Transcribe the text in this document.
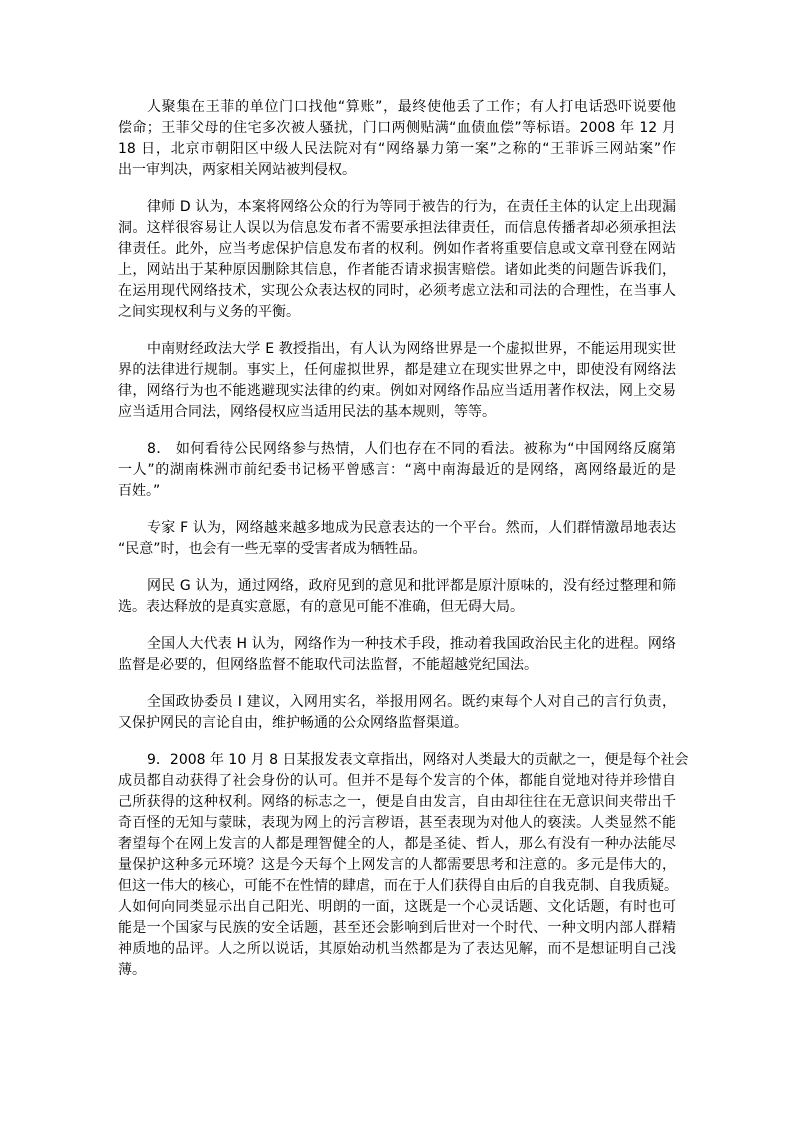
人聚集在王菲的单位门口找他“算账”，最终使他丢了工作；有人打电话恐吓说要他
偿命；王菲父母的住宅多次被人骚扰，门口两侧贴满“血债血偿”等标语。2008 年 12 月
18 日，北京市朝阳区中级人民法院对有“网络暴力第一案”之称的“王菲诉三网站案”作
出一审判决，两家相关网站被判侵权。
律师 D 认为，本案将网络公众的行为等同于被告的行为，在责任主体的认定上出现漏
洞。这样很容易让人误以为信息发布者不需要承担法律责任，而信息传播者却必须承担法
律责任。此外，应当考虑保护信息发布者的权利。例如作者将重要信息或文章刊登在网站
上，网站出于某种原因删除其信息，作者能否请求损害赔偿。诸如此类的问题告诉我们，
在运用现代网络技术，实现公众表达权的同时，必须考虑立法和司法的合理性，在当事人
之间实现权利与义务的平衡。
中南财经政法大学 E 教授指出，有人认为网络世界是一个虚拟世界，不能运用现实世
界的法律进行规制。事实上，任何虚拟世界，都是建立在现实世界之中，即使没有网络法
律，网络行为也不能逃避现实法律的约束。例如对网络作品应当适用著作权法，网上交易
应当适用合同法，网络侵权应当适用民法的基本规则，等等。
8． 如何看待公民网络参与热情，人们也存在不同的看法。被称为“中国网络反腐第
一人”的湖南株洲市前纪委书记杨平曾感言：“离中南海最近的是网络，离网络最近的是
百姓。”
专家 F 认为，网络越来越多地成为民意表达的一个平台。然而，人们群情激昂地表达
“民意”时，也会有一些无辜的受害者成为牺牲品。
网民 G 认为，通过网络，政府见到的意见和批评都是原汁原味的，没有经过整理和筛
选。表达释放的是真实意愿，有的意见可能不准确，但无碍大局。
全国人大代表 H 认为，网络作为一种技术手段，推动着我国政治民主化的进程。网络
监督是必要的，但网络监督不能取代司法监督，不能超越党纪国法。
全国政协委员 I 建议，入网用实名，举报用网名。既约束每个人对自己的言行负责，
又保护网民的言论自由，维护畅通的公众网络监督渠道。
9．2008 年 10 月 8 日某报发表文章指出，网络对人类最大的贡献之一，便是每个社会
成员都自动获得了社会身份的认可。但并不是每个发言的个体，都能自觉地对待并珍惜自
己所获得的这种权利。网络的标志之一，便是自由发言，自由却往往在无意识间夹带出千
奇百怪的无知与蒙昧，表现为网上的污言秽语，甚至表现为对他人的亵渎。人类显然不能
奢望每个在网上发言的人都是理智健全的人，都是圣徒、哲人，那么有没有一种办法能尽
量保护这种多元环境？这是今天每个上网发言的人都需要思考和注意的。多元是伟大的，
但这一伟大的核心，可能不在性情的肆虐，而在于人们获得自由后的自我克制、自我质疑。
人如何向同类显示出自己阳光、明朗的一面，这既是一个心灵话题、文化话题，有时也可
能是一个国家与民族的安全话题，甚至还会影响到后世对一个时代、一种文明内部人群精
神质地的品评。人之所以说话，其原始动机当然都是为了表达见解，而不是想证明自己浅
薄。
